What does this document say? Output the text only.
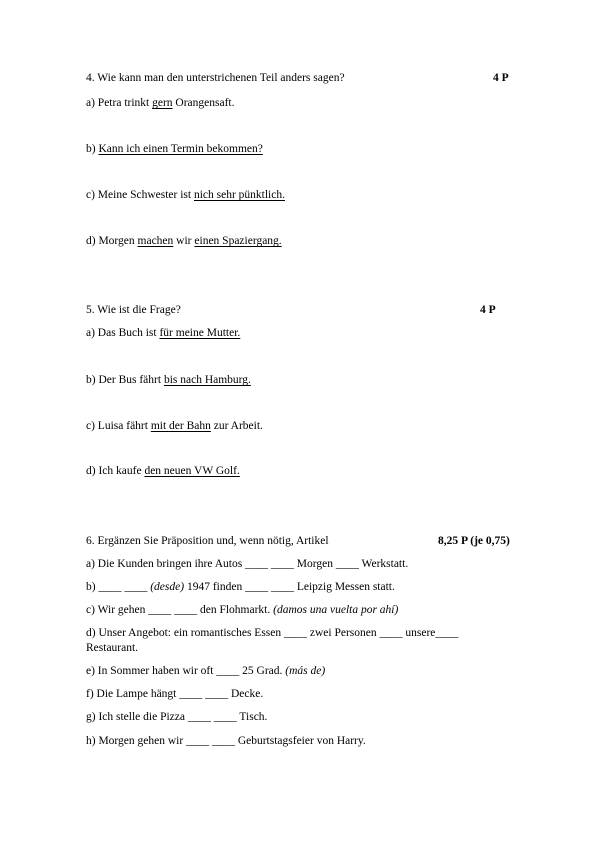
4. Wie kann man den unterstrichenen Teil anders sagen?	4 P
a) Petra trinkt gern Orangensaft.
b) Kann ich einen Termin bekommen?
c) Meine Schwester ist nich sehr pünktlich.
d) Morgen machen wir einen Spaziergang.
5. Wie ist die Frage?	4 P
a) Das Buch ist für meine Mutter.
b) Der Bus fährt bis nach Hamburg.
c) Luisa fährt mit der Bahn zur Arbeit.
d) Ich kaufe den neuen VW Golf.
6. Ergänzen Sie Präposition und, wenn nötig, Artikel	8,25 P (je 0,75)
a) Die Kunden bringen ihre Autos ____ ____ Morgen ____ Werkstatt.
b) ____ ____ (desde) 1947 finden ____ ____ Leipzig Messen statt.
c) Wir gehen ____ ____ den Flohmarkt. (damos una vuelta por ahí)
d) Unser Angebot: ein romantisches Essen ____ zwei Personen ____ unsere____
Restaurant.
e) In Sommer haben wir oft ____ 25 Grad. (más de)
f) Die Lampe hängt ____ ____ Decke.
g) Ich stelle die Pizza ____ ____ Tisch.
h) Morgen gehen wir ____ ____ Geburtstagsfeier von Harry.
